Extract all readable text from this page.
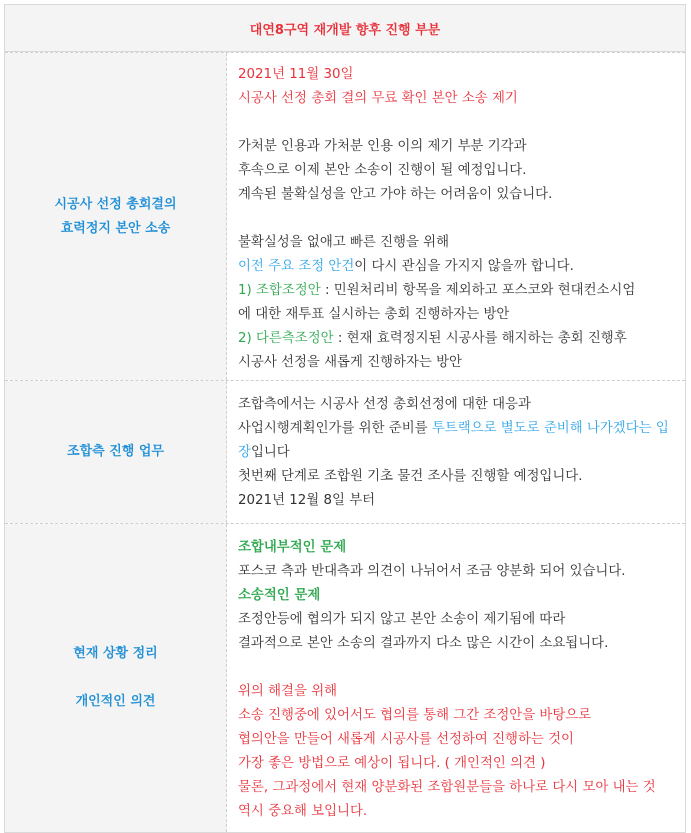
대연8구역 재개발 향후 진행 부분
시공사 선정 총회결의
효력정지 본안 소송

2021년 11월 30일

시공사 선정 총회 결의 무료 확인 본안 소송 제기

가처분 인용과 가처분 인용 이의 제기 부분 기각과

후속으로 이제 본안 소송이 진행이 될 예정입니다.

계속된 불확실성을 안고 가야 하는 어려움이 있습니다.

불확실성을 없애고 빠른 진행을 위해

이전 주요 조정 안건이 다시 관심을 가지지 않을까 합니다.

1) 조합조정안 : 민원처리비 항목을 제외하고 포스코와 현대컨소시엄

에 대한 재투표 실시하는 총회 진행하자는 방안

2) 다른측조정안 : 현재 효력정지된 시공사를 해지하는 총회 진행후

시공사 선정을 새롭게 진행하자는 방안

조합측 진행 업무

조합측에서는 시공사 선정 총회선정에 대한 대응과

사업시행계획인가를 위한 준비를 투트랙으로 별도로 준비해 나가겠다는 입장입니다

첫번째 단계로 조합원 기초 물건 조사를 진행할 예정입니다.

2021년 12월 8일 부터

현재 상황 정리
개인적인 의견

조합내부적인 문제

포스코 측과 반대측과 의견이 나뉘어서 조금 양분화 되어 있습니다.

소송적인 문제

조정안등에 협의가 되지 않고 본안 소송이 제기됨에 따라

결과적으로 본안 소송의 결과까지 다소 많은 시간이 소요됩니다.

위의 해결을 위해

소송 진행중에 있어서도 협의를 통해 그간 조정안을 바탕으로

협의안을 만들어 새롭게 시공사를 선정하여 진행하는 것이

가장 좋은 방법으로 예상이 됩니다. ( 개인적인 의견 )

물론, 그과정에서 현재 양분화된 조합원분들을 하나로 다시 모아 내는 것 역시 중요해 보입니다.
